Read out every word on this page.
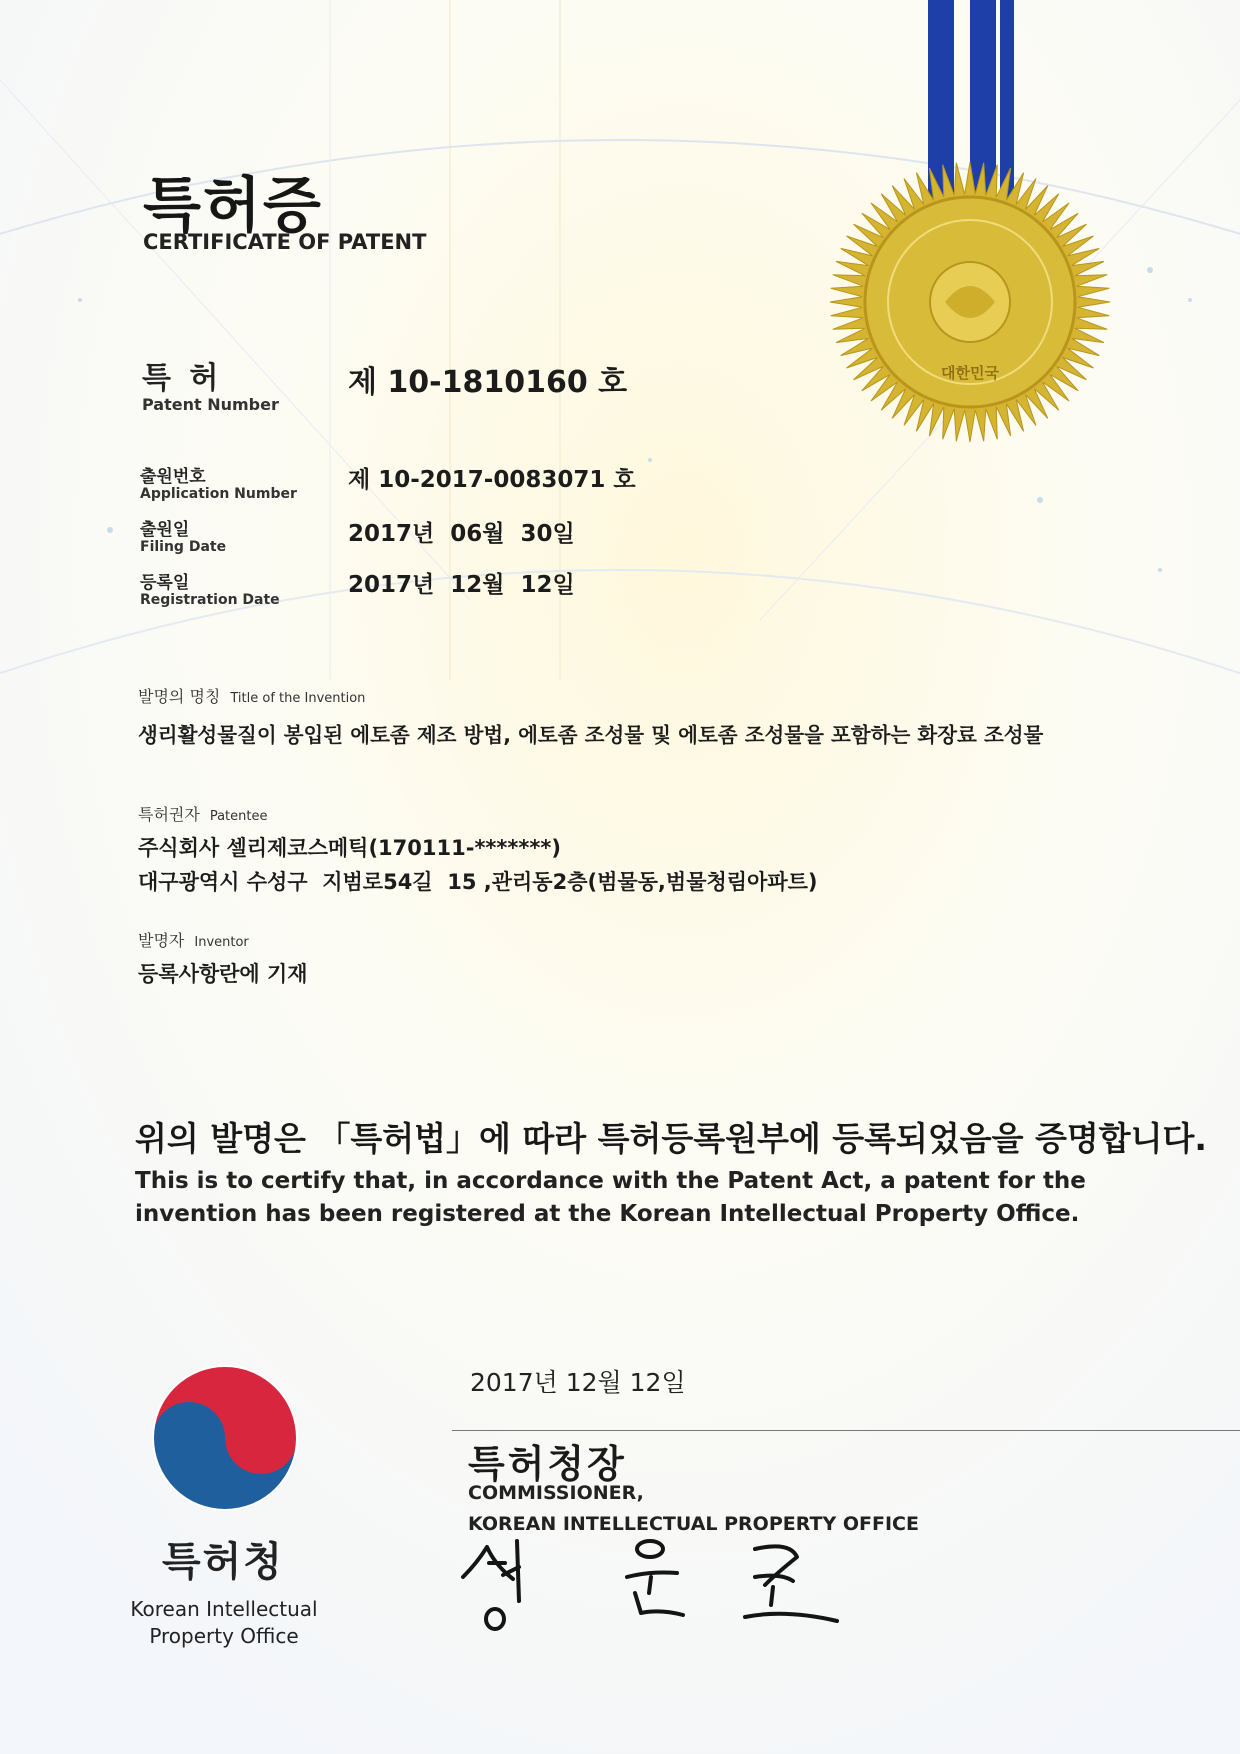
대한민국
특허증
CERTIFICATE OF PATENT
특 허
Patent Number
제 10-1810160 호
출원번호
Application Number
제 10-2017-0083071 호
출원일
Filing Date	2017년  06월  30일
등록일
Registration Date
2017년  12월  12일
발명의 명칭 Title of the Invention
생리활성물질이 봉입된 에토좀 제조 방법, 에토좀 조성물 및 에토좀 조성물을 포함하는 화장료 조성물
특허권자 Patentee
주식회사 셀리제코스메틱(170111-*******)
대구광역시 수성구  지범로54길  15 ,관리동2층(범물동,범물청림아파트)
발명자 Inventor
등록사항란에 기재
위의 발명은 「특허법」에 따라 특허등록원부에 등록되었음을 증명합니다.
This is to certify that, in accordance with the Patent Act, a patent for the invention has been registered at the Korean Intellectual Property Office.
특허청
Korean Intellectual Property Office
2017년 12월 12일
특허청장
COMMISSIONER,
KOREAN INTELLECTUAL PROPERTY OFFICE
